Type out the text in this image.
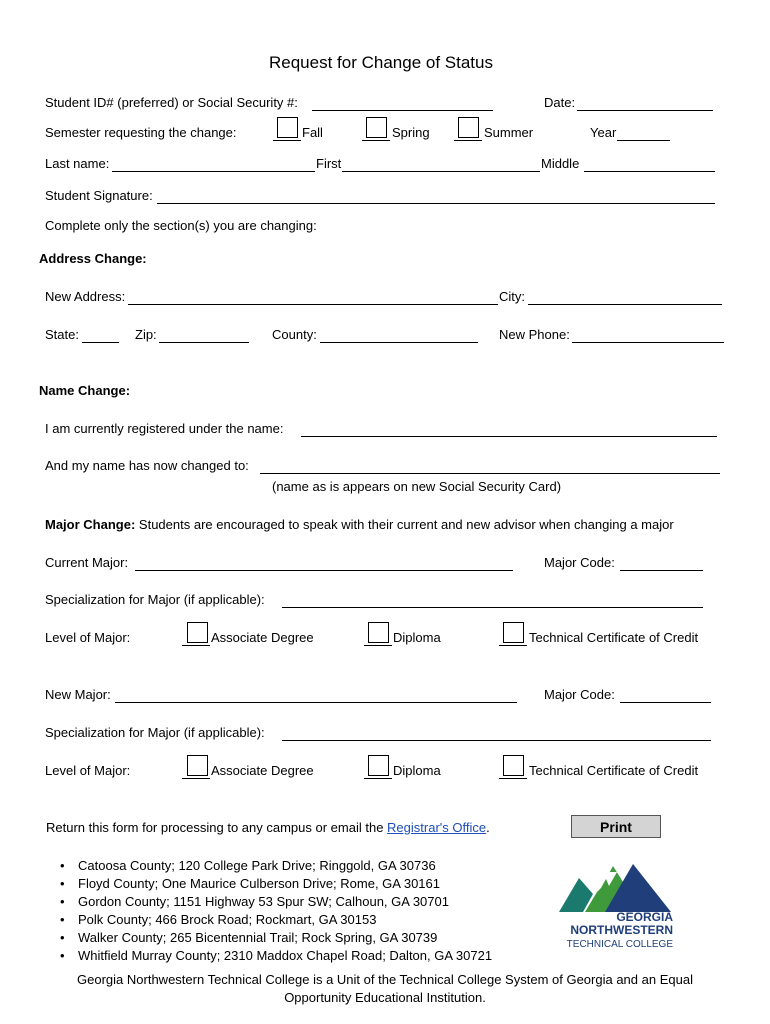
Request for Change of Status
Student ID# (preferred) or Social Security #:	Date:
Semester requesting the change:	Fall	Spring	Summer	Year
Last name:	First	Middle
Student Signature:
Complete only the section(s) you are changing:
Address Change:
New Address:	City:
State:	Zip:	County:	New Phone:
Name Change:
I am currently registered under the name:
And my name has now changed to:
(name as is appears on new Social Security Card)
Major Change: Students are encouraged to speak with their current and new advisor when changing a major
Current Major:	Major Code:
Specialization for Major (if applicable):
Level of Major:	Associate Degree	Diploma	Technical Certificate of Credit
New Major:	Major Code:
Specialization for Major (if applicable):
Level of Major:	Associate Degree	Diploma	Technical Certificate of Credit
Return this form for processing to any campus or email the Registrar's Office.	Print
• Catoosa County; 120 College Park Drive; Ringgold, GA 30736
• Floyd County; One Maurice Culberson Drive; Rome, GA 30161
• Gordon County; 1151 Highway 53 Spur SW; Calhoun, GA 30701
• Polk County; 466 Brock Road; Rockmart, GA 30153
• Walker County; 265 Bicentennial Trail; Rock Spring, GA 30739
• Whitfield Murray County; 2310 Maddox Chapel Road; Dalton, GA 30721
GEORGIA
NORTHWESTERN
TECHNICAL COLLEGE
Georgia Northwestern Technical College is a Unit of the Technical College System of Georgia and an Equal
Opportunity Educational Institution.
